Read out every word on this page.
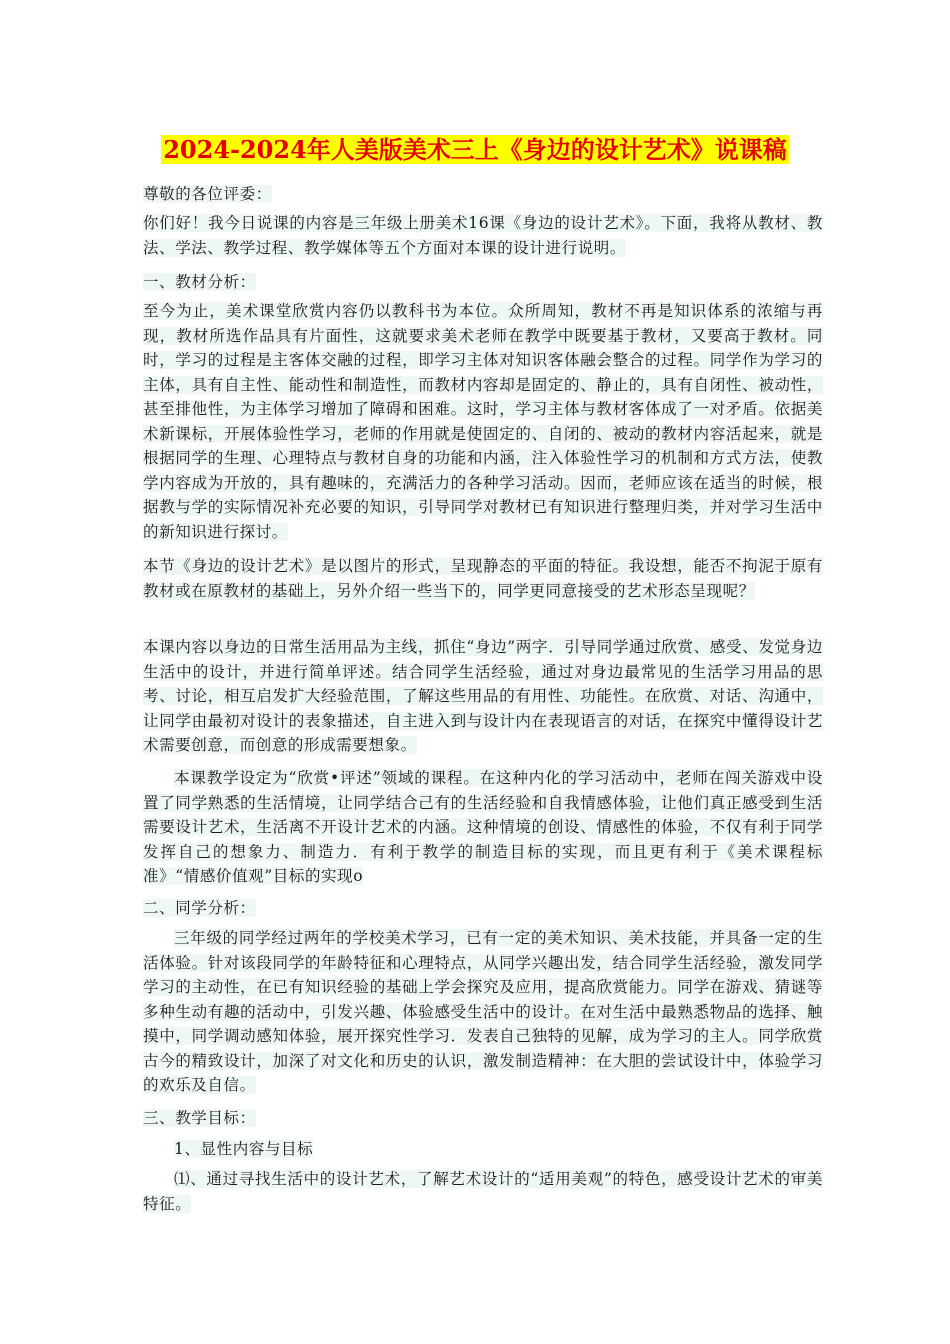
2024-2024年人美版美术三上《身边的设计艺术》说课稿
尊敬的各位评委：
你们好！我今日说课的内容是三年级上册美术16课《身边的设计艺术》。下面，我将从教材、教法、学法、教学过程、教学媒体等五个方面对本课的设计进行说明。
一、教材分析：
至今为止，美术课堂欣赏内容仍以教科书为本位。众所周知，教材不再是知识体系的浓缩与再现，教材所选作品具有片面性，这就要求美术老师在教学中既要基于教材，又要高于教材。同时，学习的过程是主客体交融的过程，即学习主体对知识客体融会整合的过程。同学作为学习的主体，具有自主性、能动性和制造性，而教材内容却是固定的、静止的，具有自闭性、被动性，甚至排他性，为主体学习增加了障碍和困难。这时，学习主体与教材客体成了一对矛盾。依据美术新课标，开展体验性学习，老师的作用就是使固定的、自闭的、被动的教材内容活起来，就是根据同学的生理、心理特点与教材自身的功能和内涵，注入体验性学习的机制和方式方法，使教学内容成为开放的，具有趣味的，充满活力的各种学习活动。因而，老师应该在适当的时候，根据教与学的实际情况补充必要的知识，引导同学对教材已有知识进行整理归类，并对学习生活中的新知识进行探讨。
本节《身边的设计艺术》是以图片的形式，呈现静态的平面的特征。我设想，能否不拘泥于原有教材或在原教材的基础上，另外介绍一些当下的，同学更同意接受的艺术形态呈现呢？
本课内容以身边的日常生活用品为主线，抓住“身边”两字．引导同学通过欣赏、感受、发觉身边生活中的设计，并进行简单评述。结合同学生活经验，通过对身边最常见的生活学习用品的思考、讨论，相互启发扩大经验范围，了解这些用品的有用性、功能性。在欣赏、对话、沟通中，让同学由最初对设计的表象描述，自主进入到与设计内在表现语言的对话，在探究中懂得设计艺术需要创意，而创意的形成需要想象。
本课教学设定为“欣赏•评述”领域的课程。在这种内化的学习活动中，老师在闯关游戏中设置了同学熟悉的生活情境，让同学结合己有的生活经验和自我情感体验，让他们真正感受到生活需要设计艺术，生活离不开设计艺术的内涵。这种情境的创设、情感性的体验，不仅有利于同学发挥自己的想象力、制造力．有利于教学的制造目标的实现，而且更有利于《美术课程标准》“情感价值观”目标的实现o
二、同学分析：
三年级的同学经过两年的学校美术学习，已有一定的美术知识、美术技能，并具备一定的生活体验。针对该段同学的年龄特征和心理特点，从同学兴趣出发，结合同学生活经验，激发同学学习的主动性，在已有知识经验的基础上学会探究及应用，提高欣赏能力。同学在游戏、猜谜等多种生动有趣的活动中，引发兴趣、体验感受生活中的设计。在对生活中最熟悉物品的选择、触摸中，同学调动感知体验，展开探究性学习．发表自己独特的见解，成为学习的主人。同学欣赏古今的精致设计，加深了对文化和历史的认识，激发制造精神：在大胆的尝试设计中，体验学习的欢乐及自信。
三、教学目标：
1、显性内容与目标
⑴、通过寻找生活中的设计艺术，了解艺术设计的“适用美观”的特色，感受设计艺术的审美特征。
